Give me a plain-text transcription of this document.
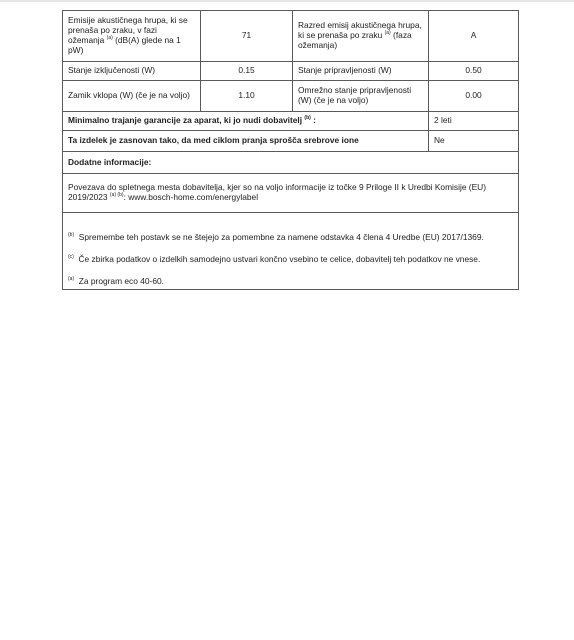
Emisije akustičnega hrupa, ki se prenaša po zraku, v fazi ožemanja $^{(a)}$ (dB(A) glede na 1 pW)	71	Razred emisij akustičnega hrupa, ki se prenaša po zraku $^{(a)}$ (faza ožemanja)	A
Stanje izključenosti (W)	0.15	Stanje pripravljenosti (W)	0.50
Zamik vklopa (W) (če je na voljo)	1.10	Omrežno stanje pripravljenosti (W) (če je na voljo)	0.00
Minimalno trajanje garancije za aparat, ki jo nudi dobavitelj $^{(b)}$ :			2 leti
Ta izdelek je zasnovan tako, da med ciklom pranja sprošča srebrove ione			Ne
Dodatne informacije:			
Povezava do spletnega mesta dobavitelja, kjer so na voljo informacije iz točke 9 Priloge II k Uredbi Komisije (EU) 2019/2023 $^{(a) (b)}$: www.bosch-home.com/energylabel			

$^{(b)}$ Spremembe teh postavk se ne štejejo za pomembne za namene odstavka 4 člena 4 Uredbe (EU) 2017/1369.

$^{(c)}$ Če zbirka podatkov o izdelkih samodejno ustvari končno vsebino te celice, dobavitelj teh podatkov ne vnese.

$^{(a)}$ Za program eco 40-60.			
